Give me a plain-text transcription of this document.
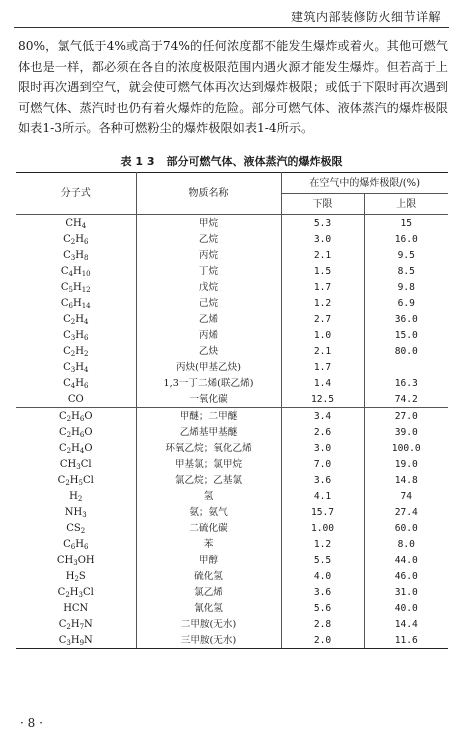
建筑内部装修防火细节详解

80%，氯气低于4%或高于74%的任何浓度都不能发生爆炸或着火。其他可燃气体也是一样，都必须在各自的浓度极限范围内遇火源才能发生爆炸。但若高于上限时再次遇到空气，就会使可燃气体再次达到爆炸极限；或低于下限时再次遇到可燃气体、蒸汽时也仍有着火爆炸的危险。部分可燃气体、液体蒸汽的爆炸极限如表1-3所示。各种可燃粉尘的爆炸极限如表1-4所示。

表 1 3 部分可燃气体、液体蒸汽的爆炸极限
分子式	物质名称	在空气中的爆炸极限/(%)	
		下限	上限
$CH_4$	甲烷	5.3	15
$C_2H_6$	乙烷	3.0	16.0
$C_3H_8$	丙烷	2.1	9.5
$C_4H_{10}$	丁烷	1.5	8.5
$C_5H_{12}$	戊烷	1.7	9.8
$C_6H_{14}$	己烷	1.2	6.9
$C_2H_4$	乙烯	2.7	36.0
$C_3H_6$	丙烯	1.0	15.0
$C_2H_2$	乙炔	2.1	80.0
$C_3H_4$	丙炔(甲基乙炔)	1.7	
$C_4H_6$	1,3一丁二烯(联乙烯)	1.4	16.3
CO	一氧化碳	12.5	74.2
$C_2H_6O$	甲醚；二甲醚	3.4	27.0
$C_2H_6O$	乙烯基甲基醚	2.6	39.0
$C_2H_4O$	环氧乙烷；氧化乙烯	3.0	100.0
$CH_3Cl$	甲基氯；氯甲烷	7.0	19.0
$C_2H_5Cl$	氯乙烷；乙基氯	3.6	14.8
$H_2$	氢	4.1	74
$NH_3$	氨；氨气	15.7	27.4
$CS_2$	二硫化碳	1.00	60.0
$C_6H_6$	苯	1.2	8.0
$CH_3OH$	甲醇	5.5	44.0
$H_2S$	硫化氢	4.0	46.0
$C_2H_3Cl$	氯乙烯	3.6	31.0
HCN	氰化氢	5.6	40.0
$C_2H_7N$	二甲胺(无水)	2.8	14.4
$C_3H_9N$	三甲胺(无水)	2.0	11.6
· 8 ·
